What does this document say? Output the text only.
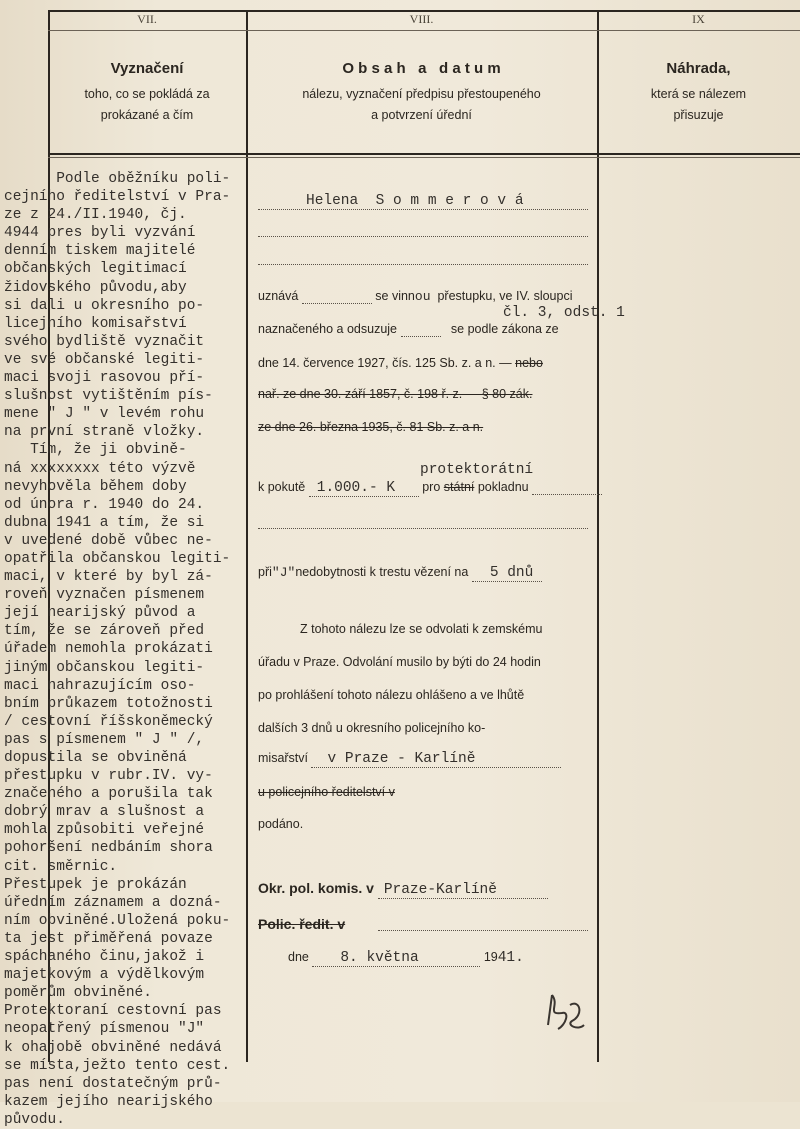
VII.
Vyznačení
toho, co se pokládá za
prokázané a čím
VIII.
O b s a h   a   d a t u m
nálezu, vyznačení předpisu přestoupeného
a potvrzení úřední
IX
Náhrada,
která se nálezem
přisuzuje
Podle oběžníku poli-
cejního ředitelství v Pra-
ze z 24./II.1940, čj.
4944 pres byli vyzvání
denním tiskem majitelé
občanských legitimací
židovského původu,aby
si dali u okresního po-
licejního komisařství
svého bydliště vyznačit
ve své občanské legiti-
maci svoji rasovou pří-
slušnost vytištěním pís-
mene " J " v levém rohu
na první straně vložky.
Tím, že ji obvině-
ná xxxxxxxx této výzvě
nevyhověla během doby
od února r. 1940 do 24.
dubna 1941 a tím, že si
v uvedené době vůbec ne-
opatřila občanskou legiti-
maci, v které by byl zá-
roveň vyznačen písmenem
její nearijský původ a
tím, že se zároveň před
úřadem nemohla prokázati
jiným občanskou legiti-
maci nahrazujícím oso-
bním průkazem totožnosti
/ cestovní říšskoněmecký
pas s písmenem " J " /,
dopustila se obviněná
přestupku v rubr.IV. vy-
značeného a porušila tak
dobrý mrav a slušnost a
mohla způsobiti veřejné
pohoršení nedbáním shora
cit. směrnic.
Přestupek je prokázán
úředním záznamem a dozná-
ním obviněné.Uložená poku-
ta jest přiměřená povaze
spáchaného činu,jakož i
majetkovým a výdělkovým
poměrům obviněné.
Protektoraní cestovní pas
neopatřený písmenou "J"
k ohajobě obviněné nedává
se místa,ježto tento cest.
pas není dostatečným prů-
kazem jejího nearijského
původu.
Helena  S o m m e r o v á

uznává	se vinnou přestupku, ve IV. sloupci
čl. 3, odst. 1
naznačeného a odsuzuje	se podle zákona ze
dne 14. července 1927, čís. 125 Sb. z. a n. — nebo
nař. ze dne 30. září 1857, č. 198 ř. z. — § 80 zák.
ze dne 26. března 1935, č. 81 Sb. z. a n.
protektorátní
k pokutě 1.000.- K pro státní pokladnu

při"J"nedobytnosti k trestu vězení na 5 dnů
Z tohoto nálezu lze se odvolati k zemskému
úřadu v Praze. Odvolání musilo by býti do 24 hodin
po prohlášení tohoto nálezu ohlášeno a ve lhůtě
dalších 3 dnů u okresního policejního ko-
misařství v Praze - Karlíně
u policejního ředitelství v
podáno.
Okr. pol. komis. v Praze-Karlíně
Polic. ředit. v

dne 8. května	1941.
